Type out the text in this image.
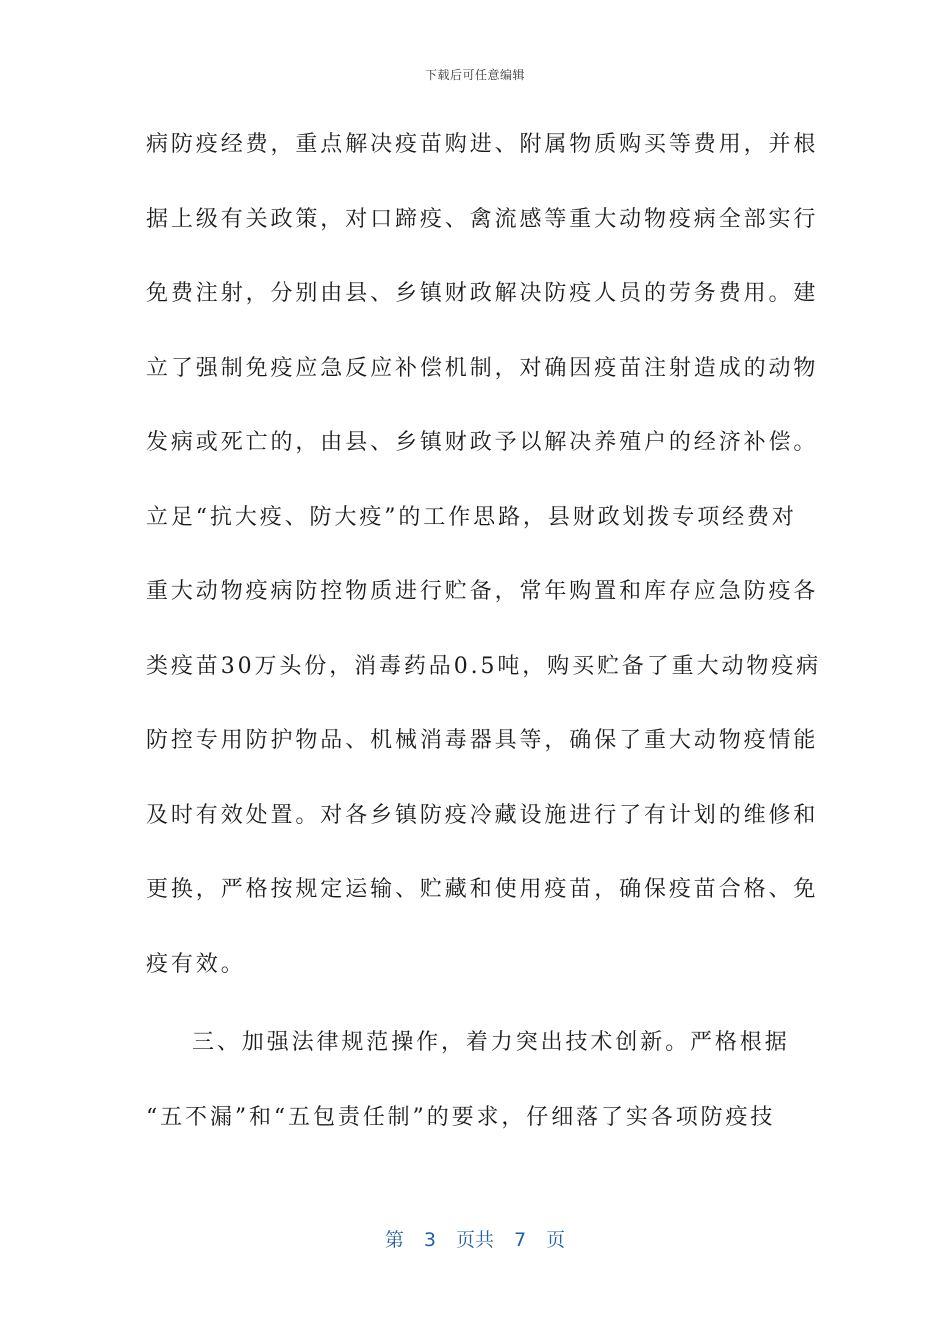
下载后可任意编辑
病防疫经费，重点解决疫苗购进、附属物质购买等费用，并根
据上级有关政策，对口蹄疫、禽流感等重大动物疫病全部实行
免费注射，分别由县、乡镇财政解决防疫人员的劳务费用。建
立了强制免疫应急反应补偿机制，对确因疫苗注射造成的动物
发病或死亡的，由县、乡镇财政予以解决养殖户的经济补偿。
立足“抗大疫、防大疫”的工作思路，县财政划拨专项经费对
重大动物疫病防控物质进行贮备，常年购置和库存应急防疫各
类疫苗30万头份，消毒药品0.5吨，购买贮备了重大动物疫病
防控专用防护物品、机械消毒器具等，确保了重大动物疫情能
及时有效处置。对各乡镇防疫冷藏设施进行了有计划的维修和
更换，严格按规定运输、贮藏和使用疫苗，确保疫苗合格、免
疫有效。
三、加强法律规范操作，着力突出技术创新。严格根据
“五不漏”和“五包责任制”的要求，仔细落了实各项防疫技
第 3 页共 7 页
